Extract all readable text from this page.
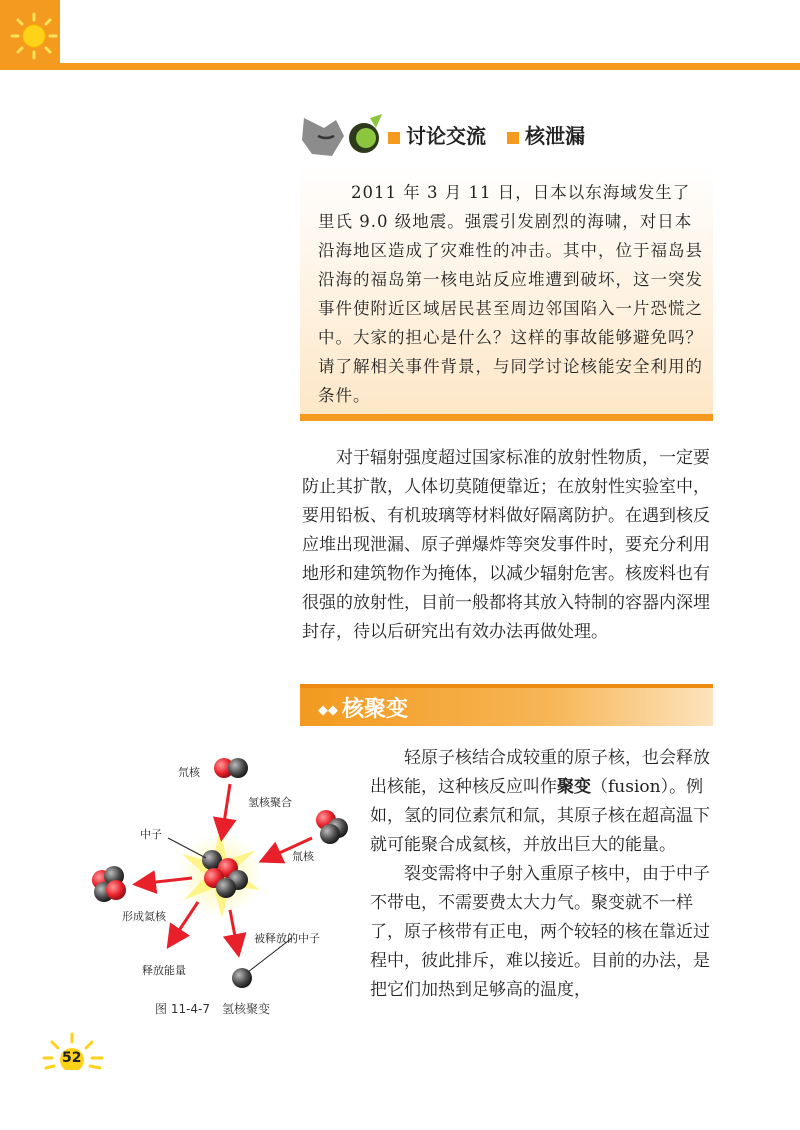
讨论交流 核泄漏
2011 年 3 月 11 日，日本以东海域发生了里氏 9.0 级地震。强震引发剧烈的海啸，对日本沿海地区造成了灾难性的冲击。其中，位于福岛县沿海的福岛第一核电站反应堆遭到破坏，这一突发事件使附近区域居民甚至周边邻国陷入一片恐慌之中。大家的担心是什么？这样的事故能够避免吗？请了解相关事件背景，与同学讨论核能安全利用的条件。
对于辐射强度超过国家标准的放射性物质，一定要防止其扩散，人体切莫随便靠近；在放射性实验室中，要用铅板、有机玻璃等材料做好隔离防护。在遇到核反应堆出现泄漏、原子弹爆炸等突发事件时，要充分利用地形和建筑物作为掩体，以减少辐射危害。核废料也有很强的放射性，目前一般都将其放入特制的容器内深埋封存，待以后研究出有效办法再做处理。
◆◆ 核聚变
轻原子核结合成较重的原子核，也会释放出核能，这种核反应叫作聚变（fusion）。例如，氢的同位素氘和氚，其原子核在超高温下就可能聚合成氦核，并放出巨大的能量。
裂变需将中子射入重原子核中，由于中子不带电，不需要费太大力气。聚变就不一样了，原子核带有正电，两个较轻的核在靠近过程中，彼此排斥，难以接近。目前的办法，是把它们加热到足够高的温度，
氘核
氢核聚合
中子
氚核
形成氦核
被释放的中子
释放能量
图 11-4-7　氢核聚变
52
